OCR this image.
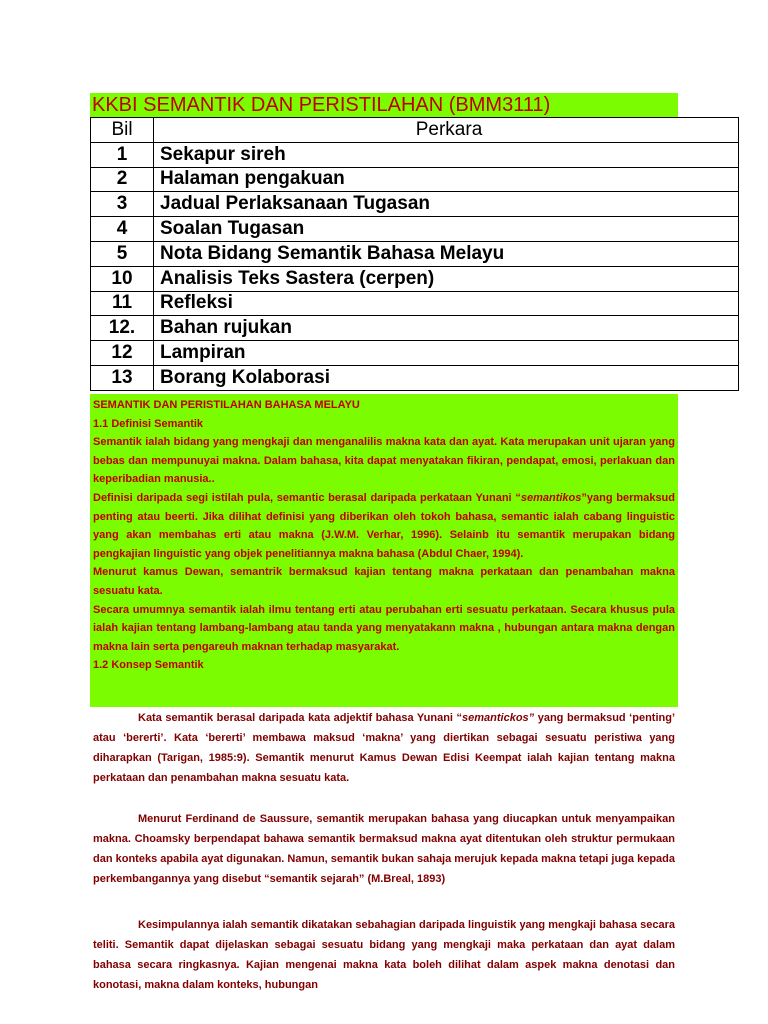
KKBI SEMANTIK DAN PERISTILAHAN (BMM3111)
Bil	Perkara
1	Sekapur sireh
2	Halaman pengakuan
3	Jadual Perlaksanaan Tugasan
4	Soalan Tugasan
5	Nota Bidang Semantik Bahasa Melayu
10	Analisis Teks Sastera (cerpen)
11	Refleksi
12.	Bahan rujukan
12	Lampiran
13	Borang Kolaborasi

SEMANTIK DAN PERISTILAHAN BAHASA MELAYU

1.1 Definisi Semantik

Semantik ialah bidang yang mengkaji dan menganalilis makna kata dan ayat. Kata merupakan unit ujaran yang bebas dan mempunuyai makna. Dalam bahasa, kita dapat menyatakan fikiran, pendapat, emosi, perlakuan dan keperibadian manusia..

Definisi daripada segi istilah pula, semantic berasal daripada perkataan Yunani “semantikos”yang bermaksud penting atau beerti. Jika dilihat definisi yang diberikan oleh tokoh bahasa, semantic ialah cabang linguistic yang akan membahas erti atau makna (J.W.M. Verhar, 1996). Selainb itu semantik merupakan bidang pengkajian linguistic yang objek penelitiannya makna bahasa (Abdul Chaer, 1994).

Menurut kamus Dewan, semantrik bermaksud kajian tentang makna perkataan dan penambahan makna sesuatu kata.

Secara umumnya semantik ialah ilmu tentang erti atau perubahan erti sesuatu perkataan. Secara khusus pula ialah kajian tentang lambang-lambang atau tanda yang menyatakann makna , hubungan antara makna dengan makna lain serta pengareuh maknan terhadap masyarakat.

1.2 Konsep Semantik

Kata semantik berasal daripada kata adjektif bahasa Yunani “semantickos” yang bermaksud ‘penting’ atau ‘bererti’. Kata ‘bererti’ membawa maksud ‘makna’ yang diertikan sebagai sesuatu peristiwa yang diharapkan (Tarigan, 1985:9). Semantik menurut Kamus Dewan Edisi Keempat ialah kajian tentang makna perkataan dan penambahan makna sesuatu kata.

Menurut Ferdinand de Saussure, semantik merupakan bahasa yang diucapkan untuk menyampaikan makna. Choamsky berpendapat bahawa semantik bermaksud makna ayat ditentukan oleh struktur permukaan dan konteks apabila ayat digunakan. Namun, semantik bukan sahaja merujuk kepada makna tetapi juga kepada perkembangannya yang disebut “semantik sejarah” (M.Breal, 1893)

Kesimpulannya ialah semantik dikatakan sebahagian daripada linguistik yang mengkaji bahasa secara teliti. Semantik dapat dijelaskan sebagai sesuatu bidang yang mengkaji maka perkataan dan ayat dalam bahasa secara ringkasnya. Kajian mengenai makna kata boleh dilihat dalam aspek makna denotasi dan konotasi, makna dalam konteks, hubungan
